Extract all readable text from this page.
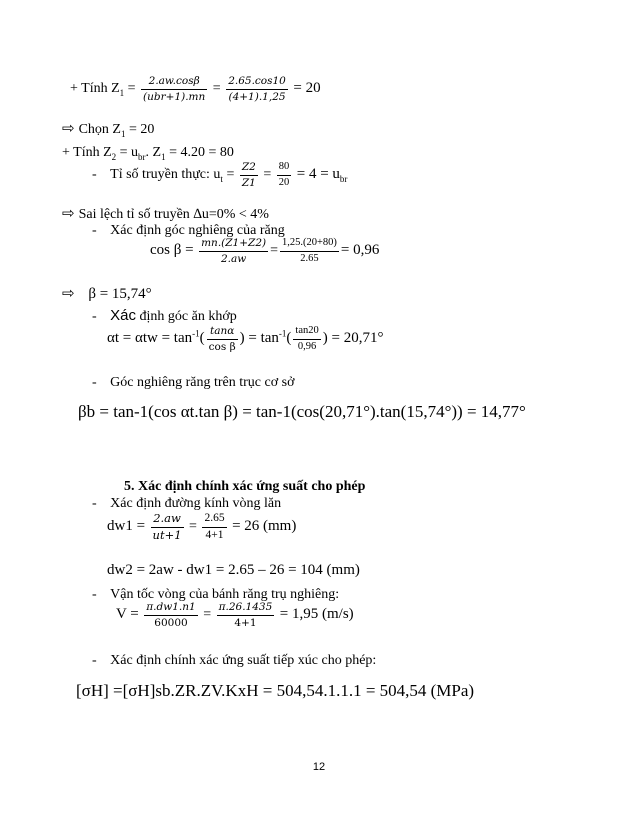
+ Tính $Z_1 = \frac{2.aw.\cos\beta}{\text{(ubr+1).mn}} = \frac{2.65.\cos 10}{(4+1).1,25} = 20$
⇨ Chọn $Z_1 = 20$
+ Tính $Z_2 = u_{br}$. $Z_1 = 4.20 = 80$
- Tỉ số truyền thực: $u_t = \frac{Z2}{Z1} = \frac{80}{20} = 4 = u_{br}$
⇨ Sai lệch tỉ số truyền ∆u=0% < 4%
- Xác định góc nghiêng của răng
$\cos \beta = \frac{mn.(Z1+Z2)}{2.aw} = \frac{1,25.(20+80)}{2.65} = 0,96$
⇨ β = 15,74°
- Xác định góc ăn khớp
$\alpha t = \alpha tw = \tan^{-1}( \frac{\tan\alpha}{\text{cos β}}$ ) = $\tan^{-1}( \frac{\tan 20}{0,96}$ ) = 20,71°
- Góc nghiêng răng trên trục cơ sở
βb = tan-1(cos αt.tan β) = tan-1(cos(20,71°).tan(15,74°)) = 14,77°
5. Xác định chính xác ứng suất cho phép
- Xác định đường kính vòng lăn
$dw1 = \frac{2.aw}{ut+1} = \frac{2.65}{4+1} = 26$ (mm)
dw2 = 2aw - dw1 = 2.65 – 26 = 104 (mm)
- Vận tốc vòng của bánh răng trụ nghiêng:
$V = \frac{\pi.dw1.n1}{60000} = \frac{\pi.26.1435}{4+1} = 1,95$ (m/s)
- Xác định chính xác ứng suất tiếp xúc cho phép:
[σH] =[σH]sb.ZR.ZV.KxH = 504,54.1.1.1 = 504,54 (MPa)
12
